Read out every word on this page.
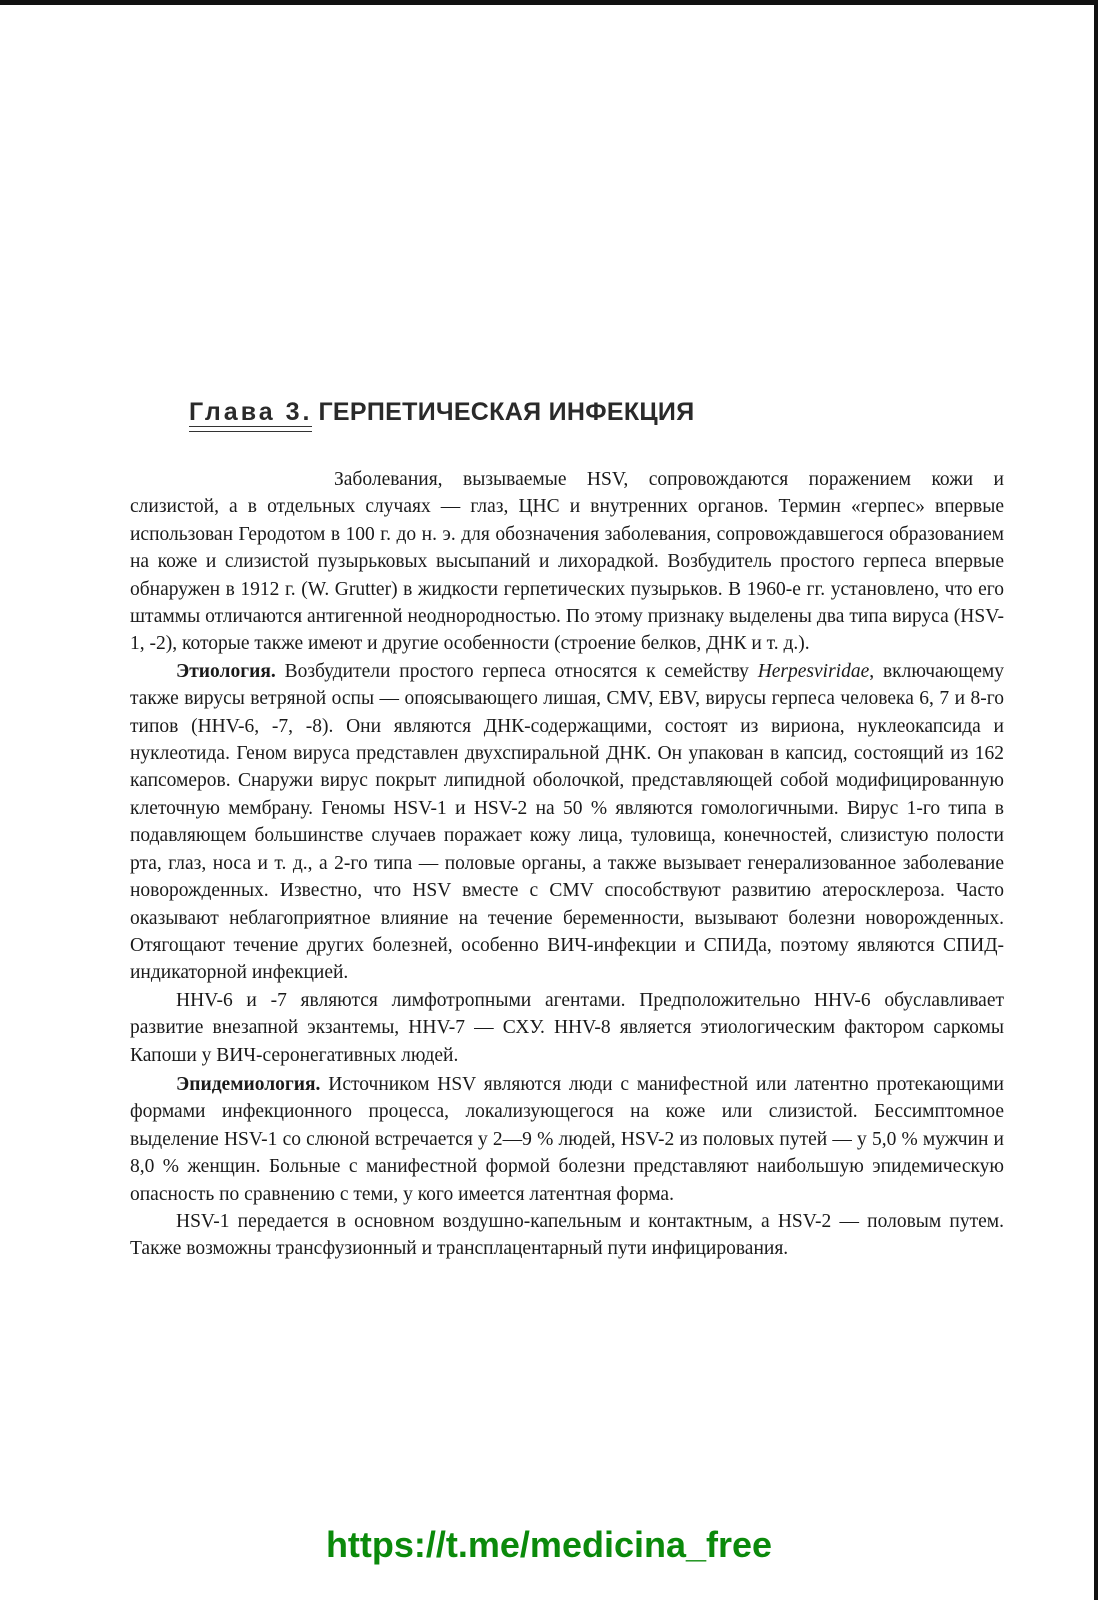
Глава 3. ГЕРПЕТИЧЕСКАЯ ИНФЕКЦИЯ

Заболевания, вызываемые HSV, сопровождаются поражением кожи и слизистой, а в отдельных случаях — глаз, ЦНС и внутренних органов. Термин «герпес» впервые использован Геродотом в 100 г. до н. э. для обозначения заболевания, сопровождавшегося образованием на коже и слизистой пузырьковых высыпаний и лихорадкой. Возбудитель простого герпеса впервые обнаружен в 1912 г. (W. Grutter) в жидкости герпетических пузырьков. В 1960-е гг. установлено, что его штаммы отличаются антигенной неоднородностью. По этому признаку выделены два типа вируса (HSV-1, -2), которые также имеют и другие особенности (строение белков, ДНК и т. д.).

Этиология. Возбудители простого герпеса относятся к семейству Herpesviridae, включающему также вирусы ветряной оспы — опоясывающего лишая, CMV, EBV, вирусы герпеса человека 6, 7 и 8-го типов (HHV-6, -7, -8). Они являются ДНК-содержащими, состоят из вириона, нуклеокапсида и нуклеотида. Геном вируса представлен двухспиральной ДНК. Он упакован в капсид, состоящий из 162 капсомеров. Снаружи вирус покрыт липидной оболочкой, представляющей собой модифицированную клеточную мембрану. Геномы HSV-1 и HSV-2 на 50 % являются гомологичными. Вирус 1-го типа в подавляющем большинстве случаев поражает кожу лица, туловища, конечностей, слизистую полости рта, глаз, носа и т. д., а 2-го типа — половые органы, а также вызывает генерализованное заболевание новорожденных. Известно, что HSV вместе с CMV способствуют развитию атеросклероза. Часто оказывают неблагоприятное влияние на течение беременности, вызывают болезни новорожденных. Отягощают течение других болезней, особенно ВИЧ-инфекции и СПИДа, поэтому являются СПИД-индикаторной инфекцией.

HHV-6 и -7 являются лимфотропными агентами. Предположительно HHV-6 обуславливает развитие внезапной экзантемы, HHV-7 — СХУ. HHV-8 является этиологическим фактором саркомы Капоши у ВИЧ-серонегативных людей.

Эпидемиология. Источником HSV являются люди с манифестной или латентно протекающими формами инфекционного процесса, локализующегося на коже или слизистой. Бессимптомное выделение HSV-1 со слюной встречается у 2—9 % людей, HSV-2 из половых путей — у 5,0 % мужчин и 8,0 % женщин. Больные с манифестной формой болезни представляют наибольшую эпидемическую опасность по сравнению с теми, у кого имеется латентная форма.

HSV-1 передается в основном воздушно-капельным и контактным, а HSV-2 — половым путем. Также возможны трансфузионный и трансплацентарный пути инфицирования.

https://t.me/medicina_free
